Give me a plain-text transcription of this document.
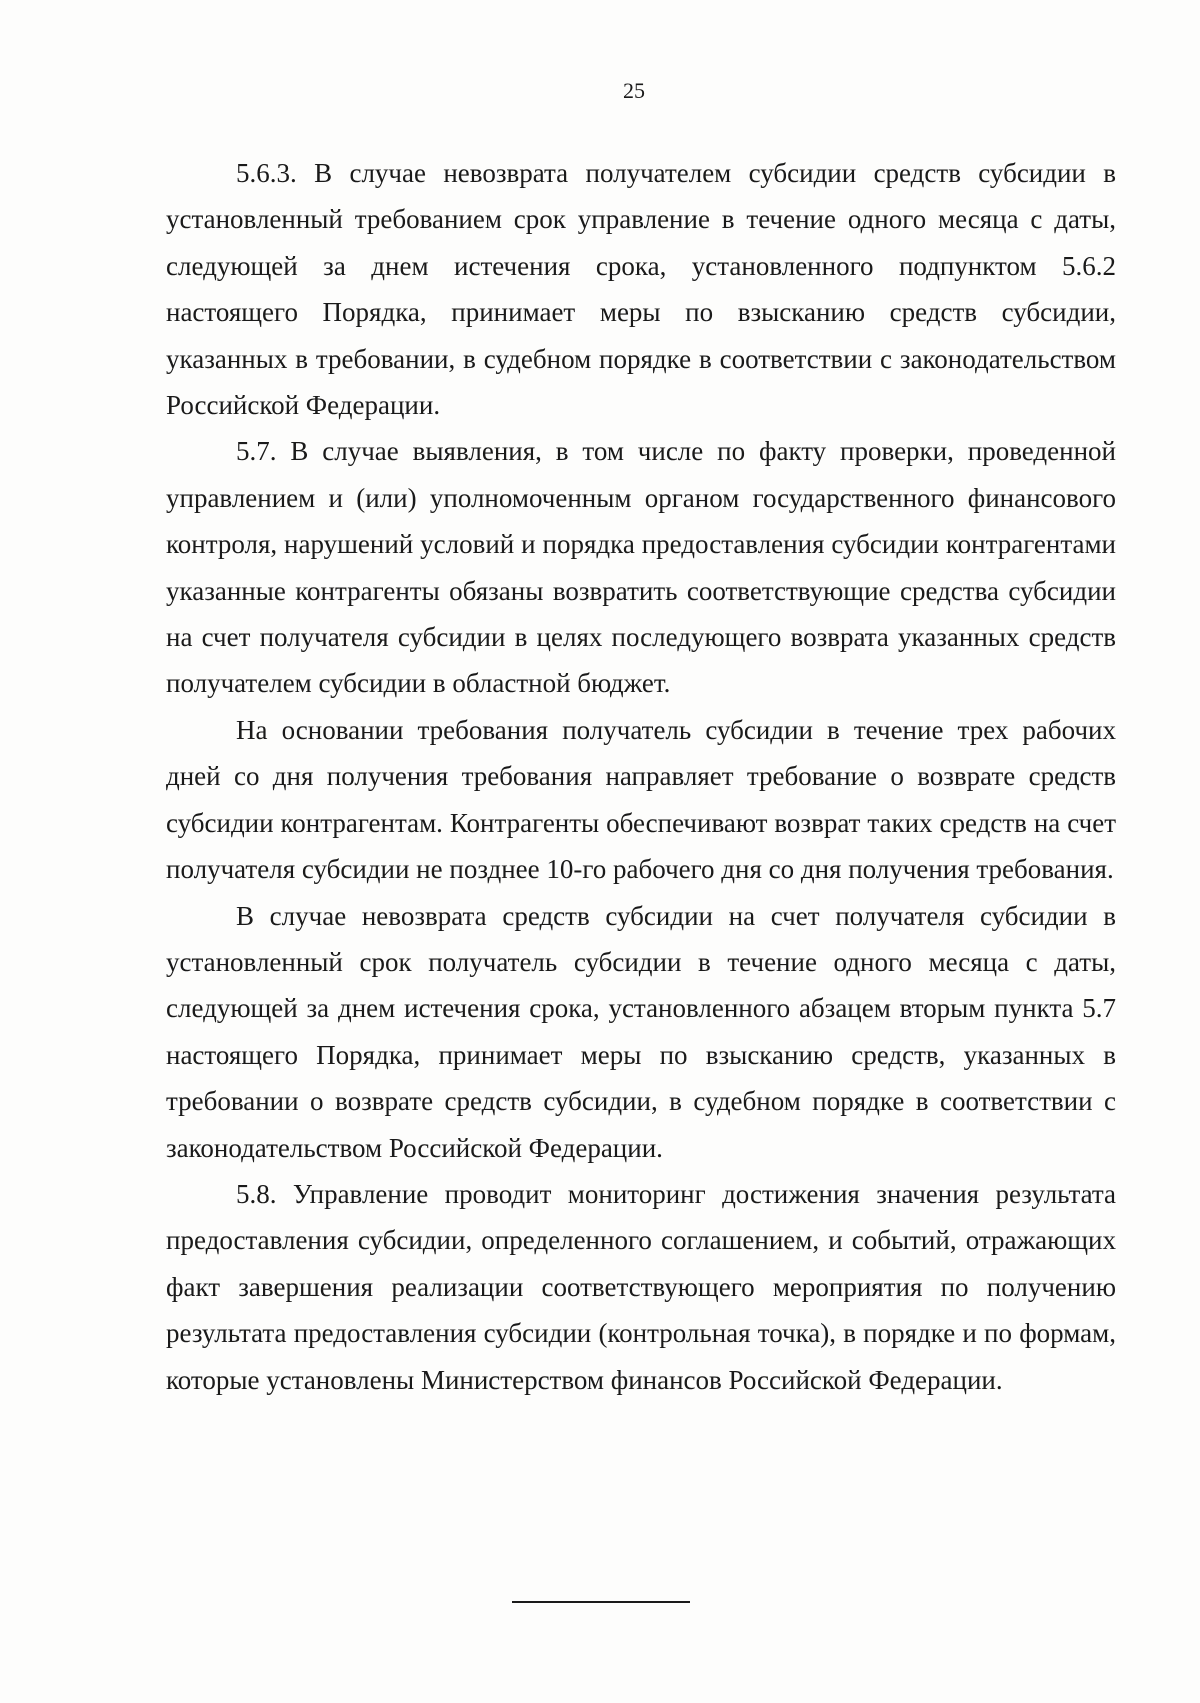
25

5.6.3. В случае невозврата получателем субсидии средств субсидии в установленный требованием срок управление в течение одного месяца с даты, следующей за днем истечения срока, установленного подпунктом 5.6.2 настоящего Порядка, принимает меры по взысканию средств субсидии, указанных в требовании, в судебном порядке в соответствии с законодательством Российской Федерации.

5.7. В случае выявления, в том числе по факту проверки, проведенной управлением и (или) уполномоченным органом государственного финансового контроля, нарушений условий и порядка предоставления субсидии контрагентами указанные контрагенты обязаны возвратить соответствующие средства субсидии на счет получателя субсидии в целях последующего возврата указанных средств получателем субсидии в областной бюджет.

На основании требования получатель субсидии в течение трех рабочих дней со дня получения требования направляет требование о возврате средств субсидии контрагентам. Контрагенты обеспечивают возврат таких средств на счет получателя субсидии не позднее 10-го рабочего дня со дня получения требования.

В случае невозврата средств субсидии на счет получателя субсидии в установленный срок получатель субсидии в течение одного месяца с даты, следующей за днем истечения срока, установленного абзацем вторым пункта 5.7 настоящего Порядка, принимает меры по взысканию средств, указанных в требовании о возврате средств субсидии, в судебном порядке в соответствии с законодательством Российской Федерации.

5.8. Управление проводит мониторинг достижения значения результата предоставления субсидии, определенного соглашением, и событий, отражающих факт завершения реализации соответствующего мероприятия по получению результата предоставления субсидии (контрольная точка), в порядке и по формам, которые установлены Министерством финансов Российской Федерации.
